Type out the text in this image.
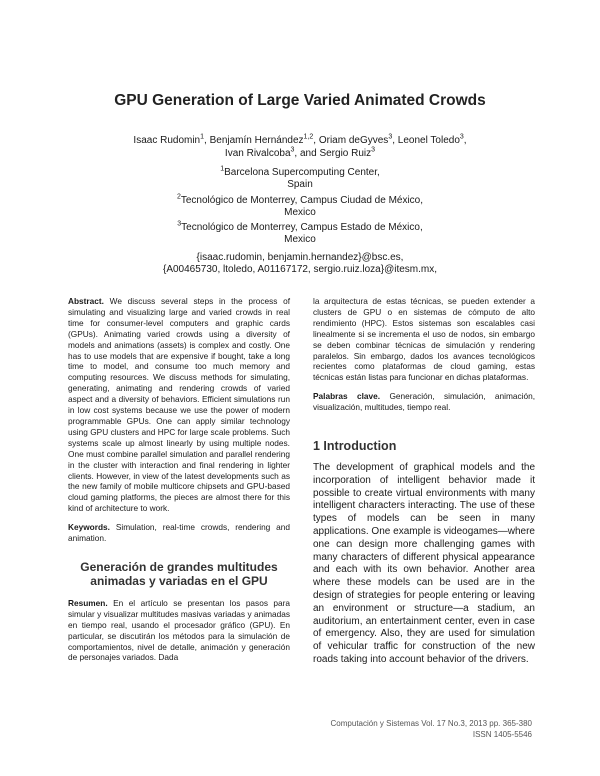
GPU Generation of Large Varied Animated Crowds
Isaac Rudomin$^1$, Benjamín Hernández$^{1,2}$, Oriam deGyves$^3$, Leonel Toledo$^3$,
Ivan Rivalcoba$^3$, and Sergio Ruiz$^3$
$^1$Barcelona Supercomputing Center,
Spain
$^2$Tecnológico de Monterrey, Campus Ciudad de México,
Mexico
$^3$Tecnológico de Monterrey, Campus Estado de México,
Mexico
{isaac.rudomin, benjamin.hernandez}@bsc.es,
{A00465730, ltoledo, A01167172, sergio.ruiz.loza}@itesm.mx,

Abstract. We discuss several steps in the process of simulating and visualizing large and varied crowds in real time for consumer-level computers and graphic cards (GPUs). Animating varied crowds using a diversity of models and animations (assets) is complex and costly. One has to use models that are expensive if bought, take a long time to model, and consume too much memory and computing resources. We discuss methods for simulating, generating, animating and rendering crowds of varied aspect and a diversity of behaviors. Efficient simulations run in low cost systems because we use the power of modern programmable GPUs. One can apply similar technology using GPU clusters and HPC for large scale problems. Such systems scale up almost linearly by using multiple nodes. One must combine parallel simulation and parallel rendering in the cluster with interaction and final rendering in lighter clients. However, in view of the latest developments such as the new family of mobile multicore chipsets and GPU-based cloud gaming platforms, the pieces are almost there for this kind of architecture to work.

Keywords. Simulation, real-time crowds, rendering and animation.

Generación de grandes multitudes animadas y variadas en el GPU

Resumen. En el artículo se presentan los pasos para simular y visualizar multitudes masivas variadas y animadas en tiempo real, usando el procesador gráfico (GPU). En particular, se discutirán los métodos para la simulación de comportamientos, nivel de detalle, animación y generación de personajes variados. Dada

la arquitectura de estas técnicas, se pueden extender a clusters de GPU o en sistemas de cómputo de alto rendimiento (HPC). Estos sistemas son escalables casi linealmente si se incrementa el uso de nodos, sin embargo se deben combinar técnicas de simulación y rendering paralelos. Sin embargo, dados los avances tecnológicos recientes como plataformas de cloud gaming, estas técnicas están listas para funcionar en dichas plataformas.

Palabras clave. Generación, simulación, animación, visualización, multitudes, tiempo real.

1 Introduction

The development of graphical models and the incorporation of intelligent behavior made it possible to create virtual environments with many intelligent characters interacting. The use of these types of models can be seen in many applications. One example is videogames—where one can design more challenging games with many characters of different physical appearance and each with its own behavior. Another area where these models can be used are in the design of strategies for people entering or leaving an environment or structure—a stadium, an auditorium, an entertainment center, even in case of emergency. Also, they are used for simulation of vehicular traffic for construction of the new roads taking into account behavior of the drivers.

Computación y Sistemas Vol. 17 No.3, 2013 pp. 365-380
ISSN 1405-5546
